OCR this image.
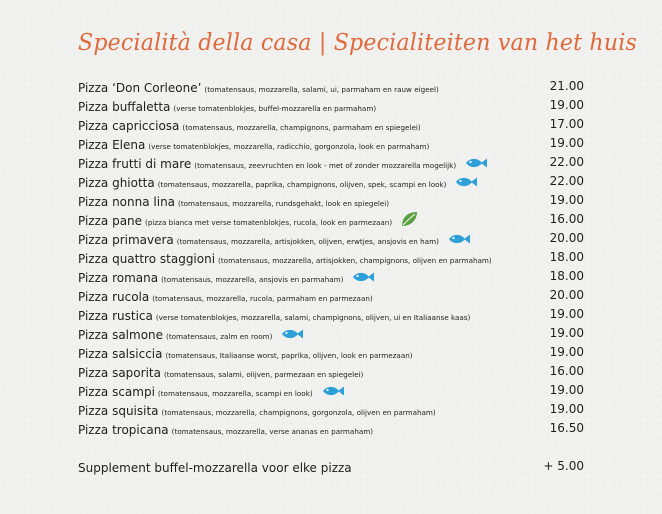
Specialità della casa | Specialiteiten van het huis
Pizza ‘Don Corleone’ (tomatensaus, mozzarella, salami, ui, parmaham en rauw eigeel)	21.00
Pizza buffaletta (verse tomatenblokjes, buffel-mozzarella en parmaham)	19.00
Pizza capricciosa (tomatensaus, mozzarella, champignons, parmaham en spiegelei)	17.00
Pizza Elena (verse tomatenblokjes, mozzarella, radicchio, gorgonzola, look en parmaham)	19.00
Pizza frutti di mare (tomatensaus, zeevruchten en look - met of zonder mozzarella mogelijk)	22.00
Pizza ghiotta (tomatensaus, mozzarella, paprika, champignons, olijven, spek, scampi en look)	22.00
Pizza nonna lina (tomatensaus, mozzarella, rundsgehakt, look en spiegelei)	19.00
Pizza pane (pizza bianca met verse tomatenblokjes, rucola, look en parmezaan)	16.00
Pizza primavera (tomatensaus, mozzarella, artisjokken, olijven, erwtjes, ansjovis en ham)	20.00
Pizza quattro staggioni (tomatensaus, mozzarella, artisjokken, champignons, olijven en parmaham)	18.00
Pizza romana (tomatensaus, mozzarella, ansjovis en parmaham)	18.00
Pizza rucola (tomatensaus, mozzarella, rucola, parmaham en parmezaan)	20.00
Pizza rustica (verse tomatenblokjes, mozzarella, salami, champignons, olijven, ui en Italiaanse kaas)	19.00
Pizza salmone (tomatensaus, zalm en room)	19.00
Pizza salsiccia (tomatensaus, Italiaanse worst, paprika, olijven, look en parmezaan)	19.00
Pizza saporita (tomatensaus, salami, olijven, parmezaan en spiegelei)	16.00
Pizza scampi (tomatensaus, mozzarella, scampi en look)	19.00
Pizza squisita (tomatensaus, mozzarella, champignons, gorgonzola, olijven en parmaham)	19.00
Pizza tropicana (tomatensaus, mozzarella, verse ananas en parmaham)	16.50
Supplement buffel-mozzarella voor elke pizza	+ 5.00
